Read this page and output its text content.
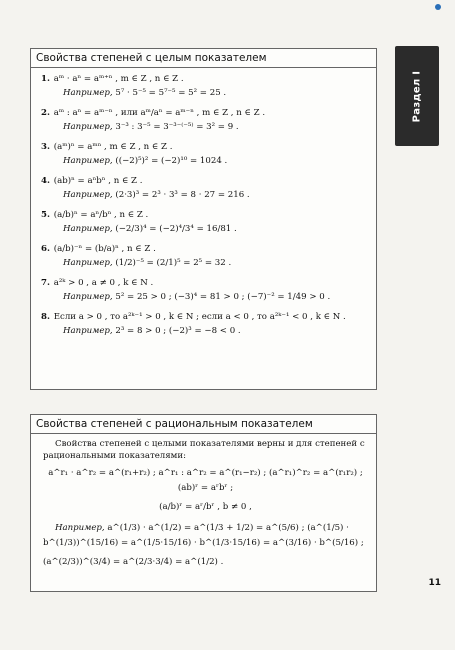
Раздел I
Свойства степеней с целым показателем
1. aᵐ · aⁿ = aᵐ⁺ⁿ , m ∈ Z , n ∈ Z .
Например, 5⁷ · 5⁻⁵ = 5⁷⁻⁵ = 5² = 25 .
2. aᵐ : aⁿ = aᵐ⁻ⁿ , или aᵐ/aⁿ = aᵐ⁻ⁿ , m ∈ Z , n ∈ Z .
Например, 3⁻³ : 3⁻⁵ = 3⁻³⁻⁽⁻⁵⁾ = 3² = 9 .
3. (aᵐ)ⁿ = aᵐⁿ , m ∈ Z , n ∈ Z .
Например, ((−2)⁵)² = (−2)¹⁰ = 1024 .
4. (ab)ⁿ = aⁿbⁿ , n ∈ Z .
Например, (2·3)³ = 2³ · 3³ = 8 · 27 = 216 .
5. (a/b)ⁿ = aⁿ/bⁿ , n ∈ Z .
Например, (−2/3)⁴ = (−2)⁴/3⁴ = 16/81 .
6. (a/b)⁻ⁿ = (b/a)ⁿ , n ∈ Z .
Например, (1/2)⁻⁵ = (2/1)⁵ = 2⁵ = 32 .
7. a²ᵏ > 0 , a ≠ 0 , k ∈ N .
Например, 5² = 25 > 0 ; (−3)⁴ = 81 > 0 ; (−7)⁻² = 1/49 > 0 .
8. Если a > 0 , то a²ᵏ⁻¹ > 0 , k ∈ N ; если a < 0 , то a²ᵏ⁻¹ < 0 , k ∈ N .
Например, 2³ = 8 > 0 ; (−2)³ = −8 < 0 .
Свойства степеней с рациональным показателем
Свойства степеней с целыми показателями верны и для степеней с рациональными показателями:
a^r₁ · a^r₂ = a^(r₁+r₂) ; a^r₁ : a^r₂ = a^(r₁−r₂) ; (a^r₁)^r₂ = a^(r₁r₂) ; (ab)ʳ = aʳbʳ ;
(a/b)ʳ = aʳ/bʳ , b ≠ 0 ,
Например, a^(1/3) · a^(1/2) = a^(1/3 + 1/2) = a^(5/6) ; (a^(1/5) · b^(1/3))^(15/16) = a^(1/5·15/16) · b^(1/3·15/16) = a^(3/16) · b^(5/16) ;
(a^(2/3))^(3/4) = a^(2/3·3/4) = a^(1/2) .
11
